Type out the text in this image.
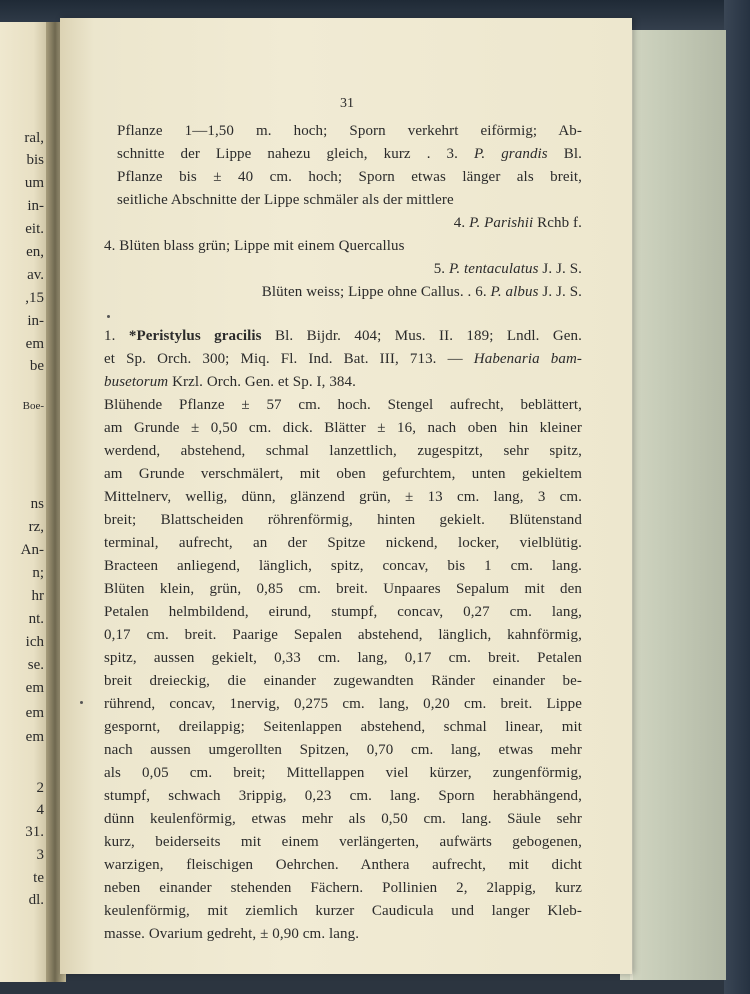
ral,
bis
um
in-
eit.
en,
av.
,15
in-
em
be
Boe-
ns
rz,
An-
n;
hr
nt.
ich
se.
em
em
em
2
4
31.
3
te
dl.
31
Pflanze 1—1,50 m. hoch; Sporn verkehrt eiförmig; Ab-
schnitte der Lippe nahezu gleich, kurz . 3. P. grandis Bl.
Pflanze bis ± 40 cm. hoch; Sporn etwas länger als breit,
seitliche Abschnitte der Lippe schmäler als der mittlere
4. P. Parishii Rchb f.
4. Blüten blass grün; Lippe mit einem Quercallus
5. P. tentaculatus J. J. S.
Blüten weiss; Lippe ohne Callus. . 6. P. albus J. J. S.
1. *Peristylus gracilis Bl. Bijdr. 404; Mus. II. 189; Lndl. Gen.
et Sp. Orch. 300; Miq. Fl. Ind. Bat. III, 713. — Habenaria bam-
busetorum Krzl. Orch. Gen. et Sp. I, 384.
Blühende Pflanze ± 57 cm. hoch. Stengel aufrecht, beblättert,
am Grunde ± 0,50 cm. dick. Blätter ± 16, nach oben hin kleiner
werdend, abstehend, schmal lanzettlich, zugespitzt, sehr spitz,
am Grunde verschmälert, mit oben gefurchtem, unten gekieltem
Mittelnerv, wellig, dünn, glänzend grün, ± 13 cm. lang, 3 cm.
breit; Blattscheiden röhrenförmig, hinten gekielt. Blütenstand
terminal, aufrecht, an der Spitze nickend, locker, vielblütig.
Bracteen anliegend, länglich, spitz, concav, bis 1 cm. lang.
Blüten klein, grün, 0,85 cm. breit. Unpaares Sepalum mit den
Petalen helmbildend, eirund, stumpf, concav, 0,27 cm. lang,
0,17 cm. breit. Paarige Sepalen abstehend, länglich, kahnförmig,
spitz, aussen gekielt, 0,33 cm. lang, 0,17 cm. breit. Petalen
breit dreieckig, die einander zugewandten Ränder einander be-
rührend, concav, 1nervig, 0,275 cm. lang, 0,20 cm. breit. Lippe
gespornt, dreilappig; Seitenlappen abstehend, schmal linear, mit
nach aussen umgerollten Spitzen, 0,70 cm. lang, etwas mehr
als 0,05 cm. breit; Mittellappen viel kürzer, zungenförmig,
stumpf, schwach 3rippig, 0,23 cm. lang. Sporn herabhängend,
dünn keulenförmig, etwas mehr als 0,50 cm. lang. Säule sehr
kurz, beiderseits mit einem verlängerten, aufwärts gebogenen,
warzigen, fleischigen Oehrchen. Anthera aufrecht, mit dicht
neben einander stehenden Fächern. Pollinien 2, 2lappig, kurz
keulenförmig, mit ziemlich kurzer Caudicula und langer Kleb-
masse. Ovarium gedreht, ± 0,90 cm. lang.
